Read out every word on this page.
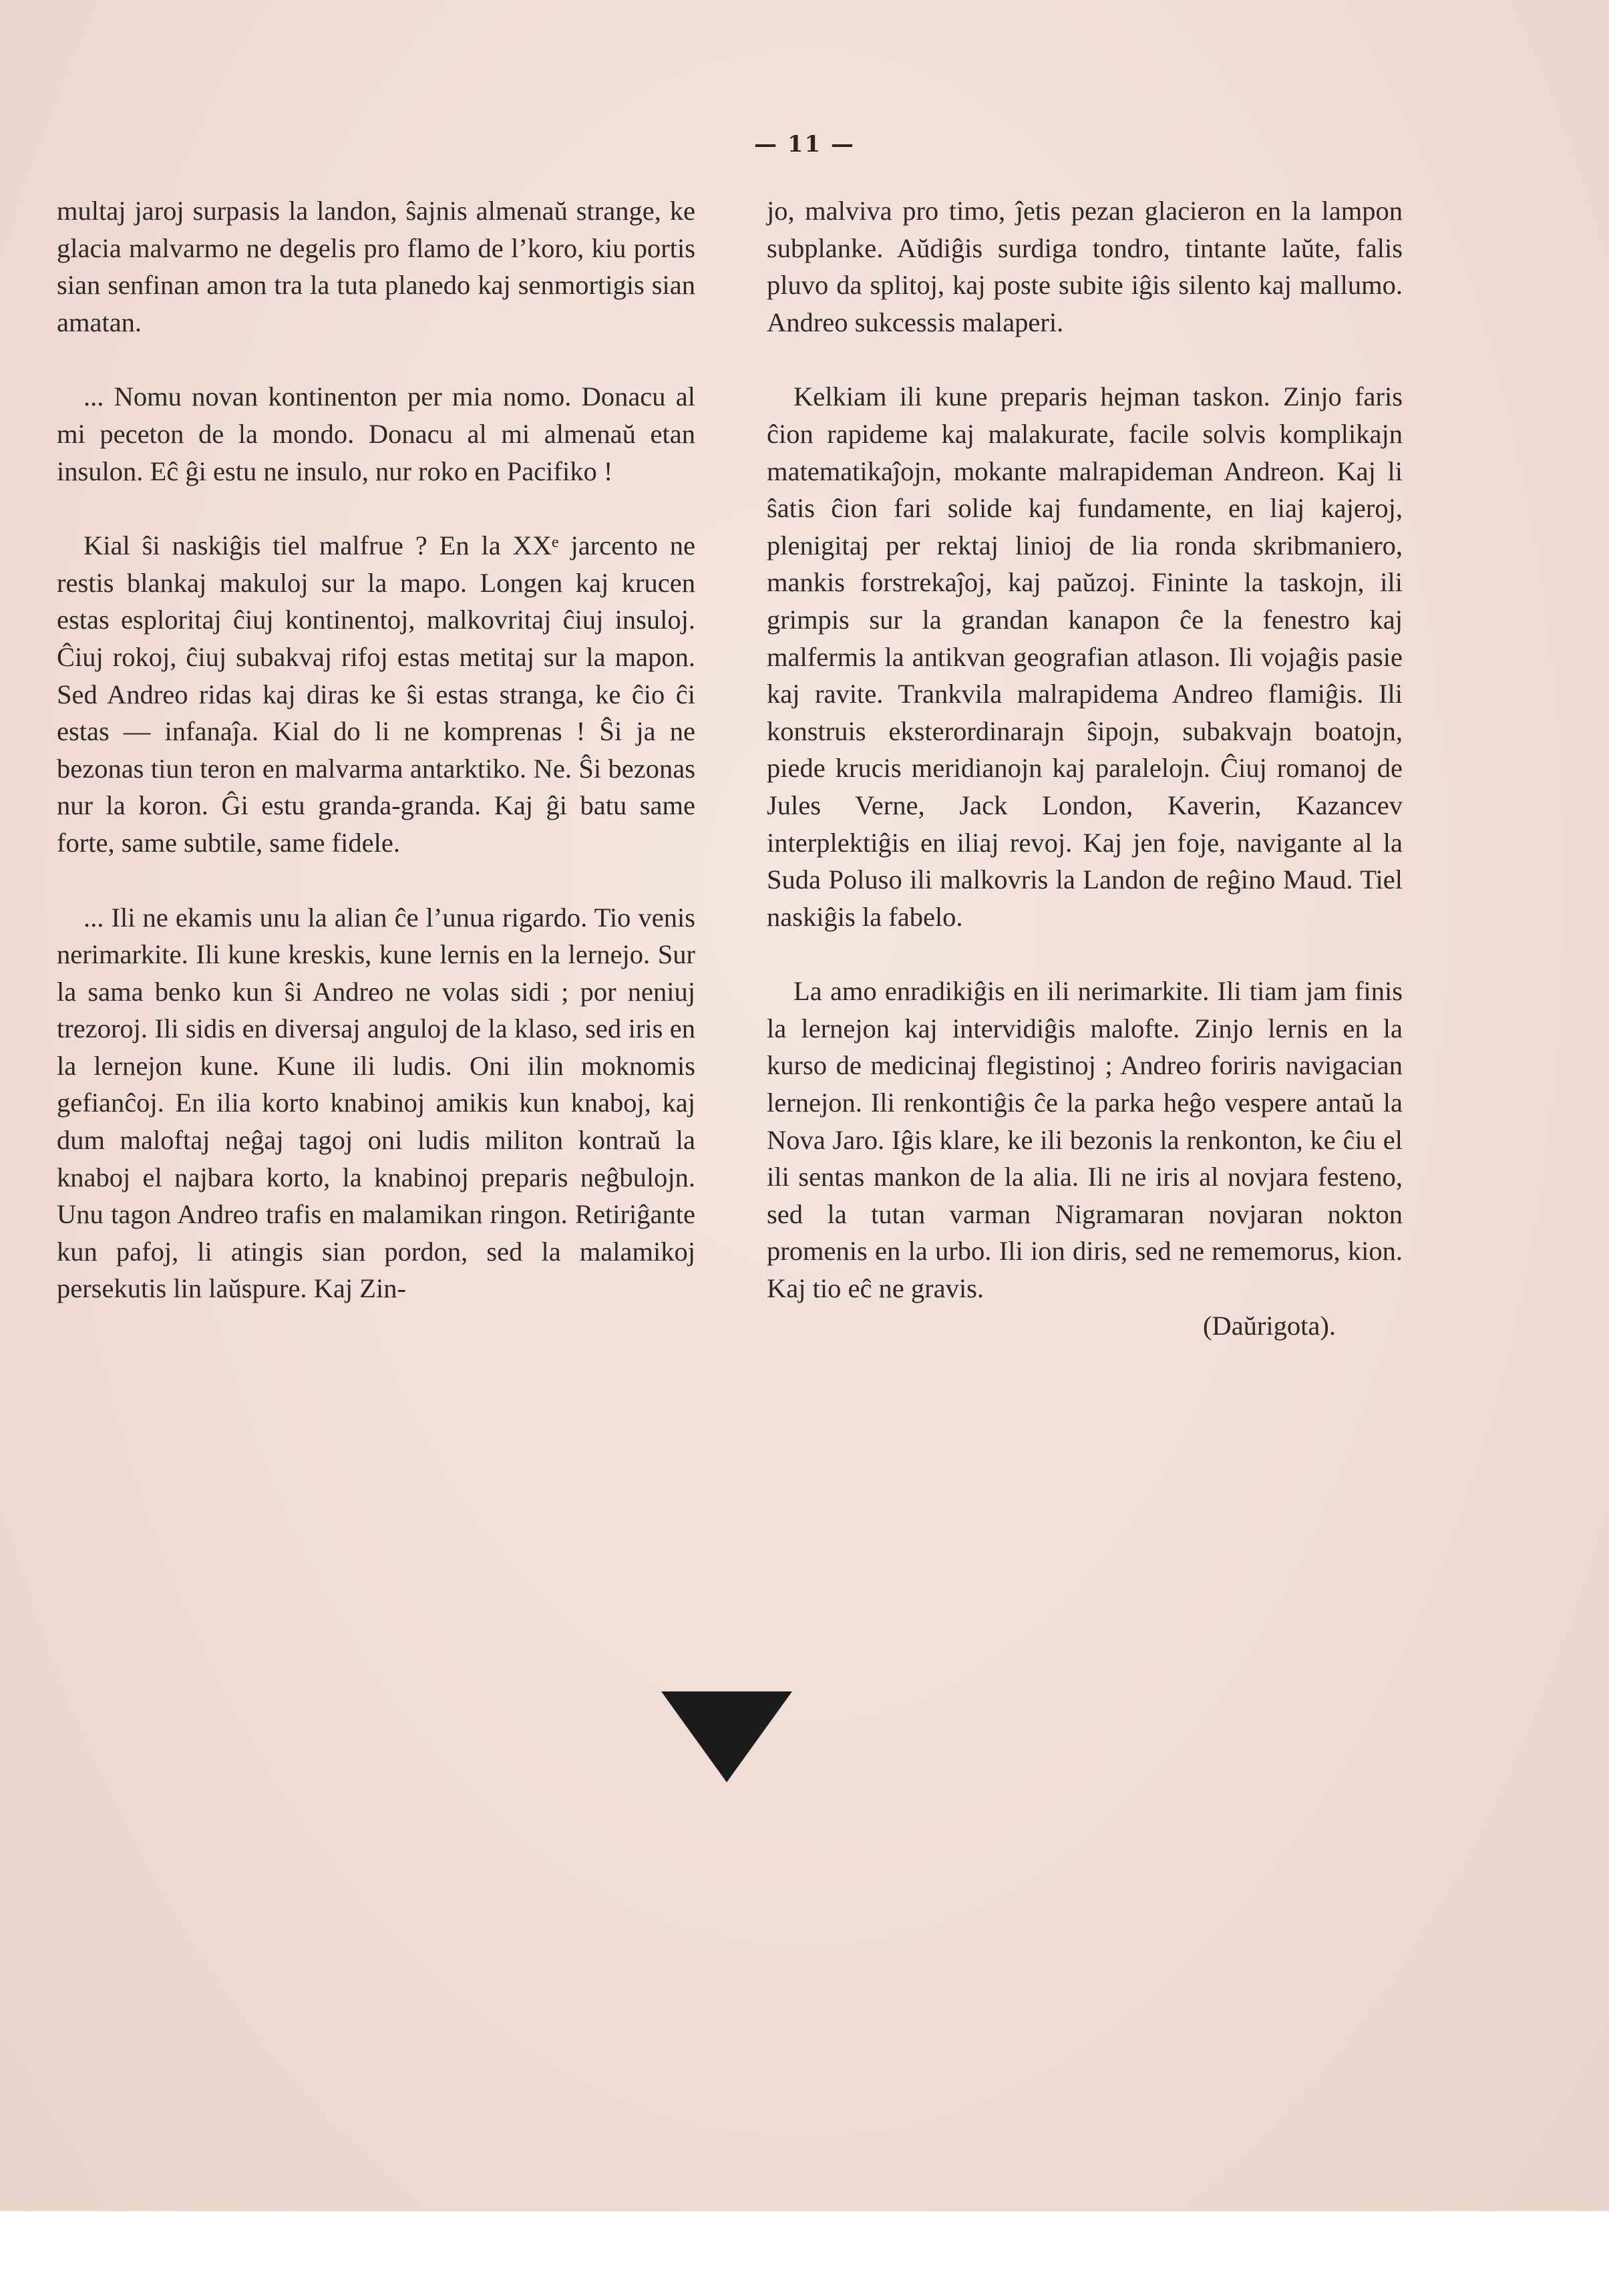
— 11 —

multaj jaroj surpasis la landon, ŝajnis almenaŭ strange, ke glacia malvarmo ne degelis pro flamo de l’koro, kiu portis sian senfinan amon tra la tuta planedo kaj senmortigis sian amatan.

... Nomu novan kontinenton per mia nomo. Donacu al mi peceton de la mondo. Donacu al mi almenaŭ etan insulon. Eĉ ĝi estu ne insulo, nur roko en Pacifiko !

Kial ŝi naskiĝis tiel malfrue ? En la XXᵉ jarcento ne restis blankaj makuloj sur la mapo. Longen kaj krucen estas esploritaj ĉiuj kontinentoj, malkovritaj ĉiuj insuloj. Ĉiuj rokoj, ĉiuj subakvaj rifoj estas metitaj sur la mapon. Sed Andreo ridas kaj diras ke ŝi estas stranga, ke ĉio ĉi estas — infanaĵa. Kial do li ne komprenas ! Ŝi ja ne bezonas tiun teron en malvarma antarktiko. Ne. Ŝi bezonas nur la koron. Ĝi estu granda-granda. Kaj ĝi batu same forte, same subtile, same fidele.

... Ili ne ekamis unu la alian ĉe l’unua rigardo. Tio venis nerimarkite. Ili kune kreskis, kune lernis en la lernejo. Sur la sama benko kun ŝi Andreo ne volas sidi ; por neniuj trezoroj. Ili sidis en diversaj anguloj de la klaso, sed iris en la lernejon kune. Kune ili ludis. Oni ilin moknomis gefianĉoj. En ilia korto knabinoj amikis kun knaboj, kaj dum maloftaj neĝaj tagoj oni ludis militon kontraŭ la knaboj el najbara korto, la knabinoj preparis neĝbulojn. Unu tagon Andreo trafis en malamikan ringon. Retiriĝante kun pafoj, li atingis sian pordon, sed la malamikoj persekutis lin laŭspure. Kaj Zin-

jo, malviva pro timo, ĵetis pezan glacieron en la lampon subplanke. Aŭdiĝis surdiga tondro, tintante laŭte, falis pluvo da splitoj, kaj poste subite iĝis silento kaj mallumo. Andreo sukcessis malaperi.

Kelkiam ili kune preparis hejman taskon. Zinjo faris ĉion rapideme kaj malakurate, facile solvis komplikajn matematikaĵojn, mokante malrapideman Andreon. Kaj li ŝatis ĉion fari solide kaj fundamente, en liaj kajeroj, plenigitaj per rektaj linioj de lia ronda skribmaniero, mankis forstrekaĵoj, kaj paŭzoj. Fininte la taskojn, ili grimpis sur la grandan kanapon ĉe la fenestro kaj malfermis la antikvan geografian atlason. Ili vojaĝis pasie kaj ravite. Trankvila malrapidema Andreo flamiĝis. Ili konstruis eksterordinarajn ŝipojn, subakvajn boatojn, piede krucis meridianojn kaj paralelojn. Ĉiuj romanoj de Jules Verne, Jack London, Kaverin, Kazancev interplektiĝis en iliaj revoj. Kaj jen foje, navigante al la Suda Poluso ili malkovris la Landon de reĝino Maud. Tiel naskiĝis la fabelo.

La amo enradikiĝis en ili nerimarkite. Ili tiam jam finis la lernejon kaj intervidiĝis malofte. Zinjo lernis en la kurso de medicinaj flegistinoj ; Andreo foriris navigacian lernejon. Ili renkontiĝis ĉe la parka heĝo vespere antaŭ la Nova Jaro. Iĝis klare, ke ili bezonis la renkonton, ke ĉiu el ili sentas mankon de la alia. Ili ne iris al novjara festeno, sed la tutan varman Nigramaran novjaran nokton promenis en la urbo. Ili ion diris, sed ne rememorus, kion. Kaj tio eĉ ne gravis.

(Daŭrigota).
